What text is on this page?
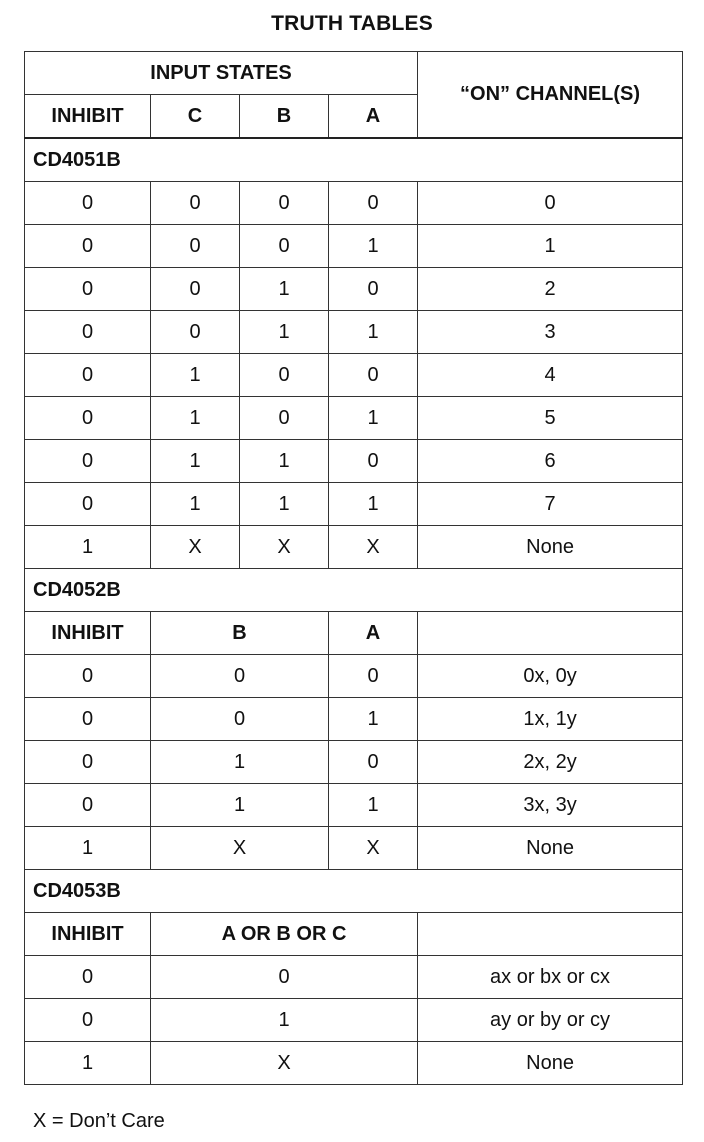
TRUTH TABLES
INPUT STATES				“ON” CHANNEL(S)
INHIBIT	C	B	A	
CD4051B				
0	0	0	0	0
0	0	0	1	1
0	0	1	0	2
0	0	1	1	3
0	1	0	0	4
0	1	0	1	5
0	1	1	0	6
0	1	1	1	7
1	X	X	X	None
CD4052B				
INHIBIT	B		A	
0	0		0	0x, 0y
0	0		1	1x, 1y
0	1		0	2x, 2y
0	1		1	3x, 3y
1	X		X	None
CD4053B				
INHIBIT	A OR B OR C			
0	0			ax or bx or cx
0	1			ay or by or cy
1	X			None
X = Don’t Care
